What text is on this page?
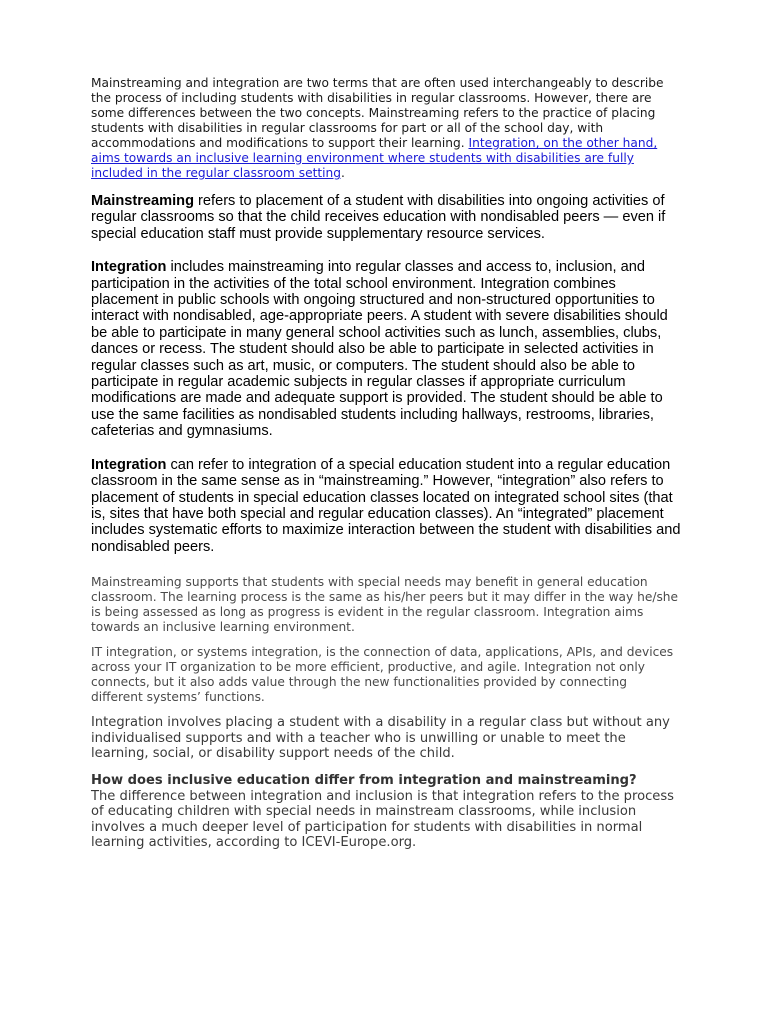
Mainstreaming and integration are two terms that are often used interchangeably to describe the process of including students with disabilities in regular classrooms. However, there are some differences between the two concepts. Mainstreaming refers to the practice of placing students with disabilities in regular classrooms for part or all of the school day, with accommodations and modifications to support their learning. Integration, on the other hand, aims towards an inclusive learning environment where students with disabilities are fully included in the regular classroom setting.

Mainstreaming refers to placement of a student with disabilities into ongoing activities of regular classrooms so that the child receives education with nondisabled peers — even if special education staff must provide supplementary resource services.

Integration includes mainstreaming into regular classes and access to, inclusion, and participation in the activities of the total school environment. Integration combines placement in public schools with ongoing structured and non-structured opportunities to interact with nondisabled, age-appropriate peers. A student with severe disabilities should be able to participate in many general school activities such as lunch, assemblies, clubs, dances or recess. The student should also be able to participate in selected activities in regular classes such as art, music, or computers. The student should also be able to participate in regular academic subjects in regular classes if appropriate curriculum modifications are made and adequate support is provided. The student should be able to use the same facilities as nondisabled students including hallways, restrooms, libraries, cafeterias and gymnasiums.

Integration can refer to integration of a special education student into a regular education classroom in the same sense as in “mainstreaming.” However, “integration” also refers to placement of students in special education classes located on integrated school sites (that is, sites that have both special and regular education classes). An “integrated” placement includes systematic efforts to maximize interaction between the student with disabilities and nondisabled peers.

Mainstreaming supports that students with special needs may benefit in general education classroom. The learning process is the same as his/her peers but it may differ in the way he/she is being assessed as long as progress is evident in the regular classroom. Integration aims towards an inclusive learning environment.

IT integration, or systems integration, is the connection of data, applications, APIs, and devices across your IT organization to be more efficient, productive, and agile. Integration not only connects, but it also adds value through the new functionalities provided by connecting different systems’ functions.

Integration involves placing a student with a disability in a regular class but without any individualised supports and with a teacher who is unwilling or unable to meet the learning, social, or disability support needs of the child.

How does inclusive education differ from integration and mainstreaming?
The difference between integration and inclusion is that integration refers to the process of educating children with special needs in mainstream classrooms, while inclusion involves a much deeper level of participation for students with disabilities in normal learning activities, according to ICEVI-Europe.org.
